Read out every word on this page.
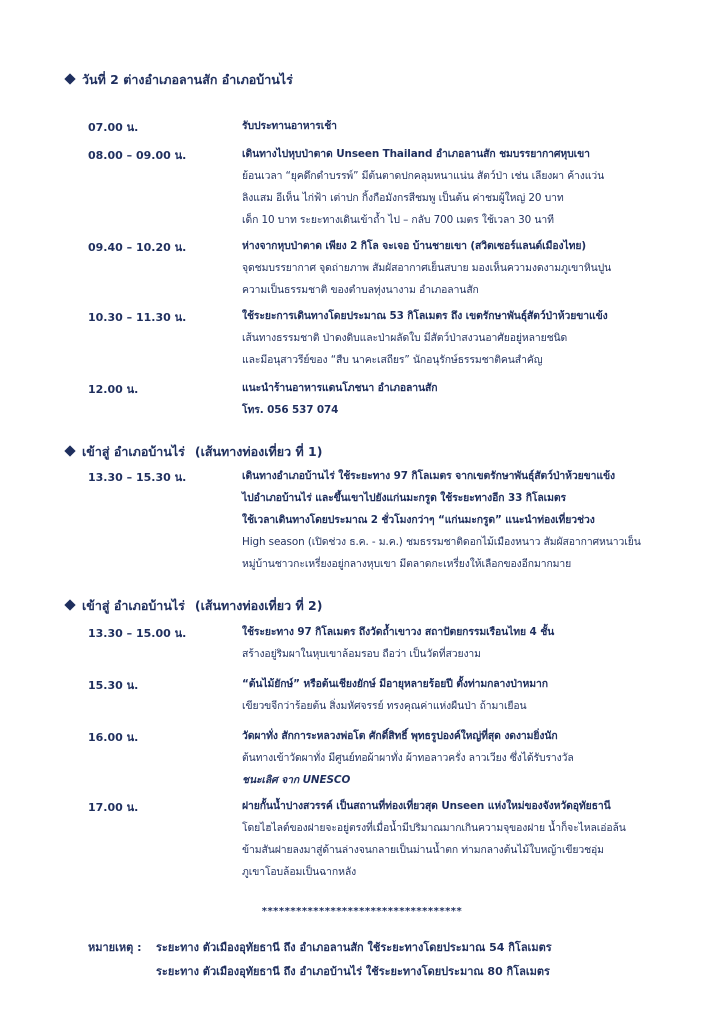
วันที่ 2 ต่างอำเภอลานสัก อำเภอบ้านไร่
07.00 น.	รับประทานอาหารเช้า
08.00 – 09.00 น.	เดินทางไปหุบป่าตาด Unseen Thailand อำเภอลานสัก ชมบรรยากาศหุบเขา
ย้อนเวลา “ยุคดึกดำบรรพ์” มีต้นตาดปกคลุมหนาแน่น สัตว์ป่า เช่น เลียงผา ค้างแว่น
ลิงแสม อีเห็น ไก่ฟ้า เต่าปก กิ้งกือมังกรสีชมพู เป็นต้น ค่าชมผู้ใหญ่ 20 บาท
เด็ก 10 บาท ระยะทางเดินเข้าถ้ำ ไป – กลับ 700 เมตร ใช้เวลา 30 นาที
09.40 – 10.20 น.	ห่างจากหุบป่าตาด เพียง 2 กิโล จะเจอ บ้านชายเขา (สวิตเซอร์แลนด์เมืองไทย)
จุดชมบรรยากาศ จุดถ่ายภาพ สัมผัสอากาศเย็นสบาย มองเห็นความงดงามภูเขาหินปูน
ความเป็นธรรมชาติ ของตำบลทุ่งนางาม อำเภอลานสัก
10.30 – 11.30 น.	ใช้ระยะการเดินทางโดยประมาณ 53 กิโลเมตร ถึง เขตรักษาพันธุ์สัตว์ป่าห้วยขาแข้ง
เส้นทางธรรมชาติ ป่าดงดิบและป่าผลัดใบ มีสัตว์ป่าสงวนอาศัยอยู่หลายชนิด
และมีอนุสาวรีย์ของ “สืบ นาคะเสถียร” นักอนุรักษ์ธรรมชาติคนสำคัญ
12.00 น.	แนะนำร้านอาหารแดนโภชนา อำเภอลานสัก
โทร. 056 537 074
เข้าสู่ อำเภอบ้านไร่ (เส้นทางท่องเที่ยว ที่ 1)
13.30 – 15.30 น.	เดินทางอำเภอบ้านไร่ ใช้ระยะทาง 97 กิโลเมตร จากเขตรักษาพันธุ์สัตว์ป่าห้วยขาแข้ง
ไปอำเภอบ้านไร่ และขึ้นเขาไปยังแก่นมะกรูด ใช้ระยะทางอีก 33 กิโลเมตร
ใช้เวลาเดินทางโดยประมาณ 2 ชั่วโมงกว่าๆ “แก่นมะกรูด” แนะนำท่องเที่ยวช่วง
High season (เปิดช่วง ธ.ค. - ม.ค.) ชมธรรมชาติดอกไม้เมืองหนาว สัมผัสอากาศหนาวเย็น
หมู่บ้านชาวกะเหรี่ยงอยู่กลางหุบเขา มีตลาดกะเหรี่ยงให้เลือกของอีกมากมาย
เข้าสู่ อำเภอบ้านไร่ (เส้นทางท่องเที่ยว ที่ 2)
13.30 – 15.00 น.	ใช้ระยะทาง 97 กิโลเมตร ถึงวัดถ้ำเขาวง สถาปัตยกรรมเรือนไทย 4 ชั้น
สร้างอยู่ริมผาในหุบเขาล้อมรอบ ถือว่า เป็นวัดที่สวยงาม
15.30 น.	“ต้นไม้ยักษ์” หรือต้นเชียงยักษ์ มีอายุหลายร้อยปี ตั้งท่ามกลางป่าหมาก
เขียวขจีกว่าร้อยต้น สิ่งมหัศจรรย์ ทรงคุณค่าแห่งผืนป่า ถ้ามาเยือน
16.00 น.	วัดผาทั่ง สักการะหลวงพ่อโต ศักดิ์สิทธิ์ พุทธรูปองค์ใหญ่ที่สุด งดงามยิ่งนัก
ต้นทางเข้าวัดผาทั่ง มีศูนย์ทอผ้าผาทั่ง ผ้าทอลาวครั่ง ลาวเวียง ซึ่งได้รับรางวัล
ชนะเลิศ จาก UNESCO
17.00 น.	ฝายกั้นน้ำปางสวรรค์ เป็นสถานที่ท่องเที่ยวสุด Unseen แห่งใหม่ของจังหวัดอุทัยธานี
โดยไฮไลต์ของฝายจะอยู่ตรงที่เมื่อน้ำมีปริมาณมากเกินความจุของฝาย น้ำก็จะไหลเอ่อล้น
ข้ามสันฝายลงมาสู่ด้านล่างจนกลายเป็นม่านน้ำตก ท่ามกลางต้นไม้ใบหญ้าเขียวชอุ่ม
ภูเขาโอบล้อมเป็นฉากหลัง
***********************************
หมายเหตุ : ระยะทาง ตัวเมืองอุทัยธานี ถึง อำเภอลานสัก ใช้ระยะทางโดยประมาณ 54 กิโลเมตร
ระยะทาง ตัวเมืองอุทัยธานี ถึง อำเภอบ้านไร่ ใช้ระยะทางโดยประมาณ 80 กิโลเมตร
